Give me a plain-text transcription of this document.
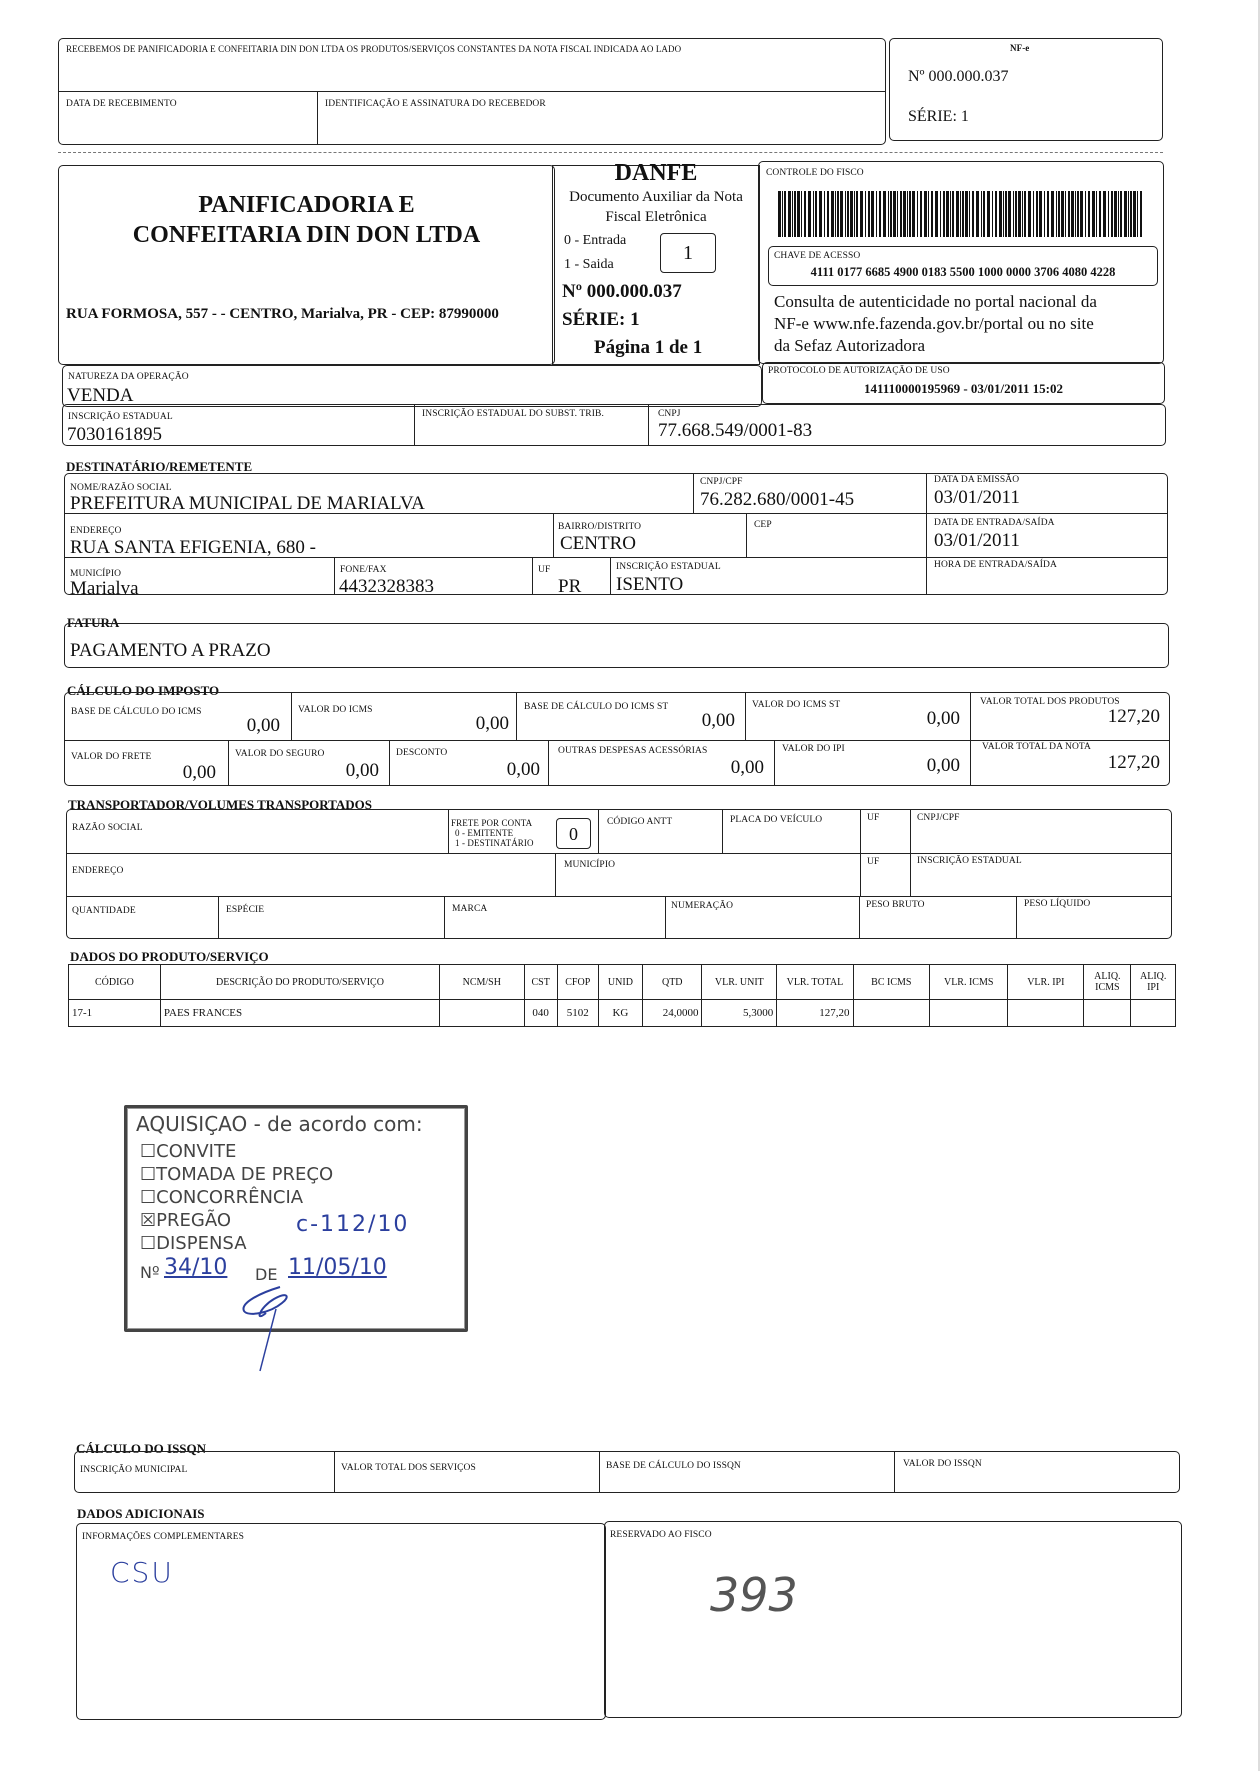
RECEBEMOS DE PANIFICADORIA E CONFEITARIA DIN DON LTDA OS PRODUTOS/SERVIÇOS CONSTANTES DA NOTA FISCAL INDICADA AO LADO
DATA DE RECEBIMENTO	IDENTIFICAÇÃO E ASSINATURA DO RECEBEDOR
NF-e
Nº 000.000.037
SÉRIE: 1
PANIFICADORIA E
CONFEITARIA DIN DON LTDA
RUA FORMOSA, 557 - - CENTRO, Marialva, PR - CEP: 87990000
DANFE
Documento Auxiliar da Nota
Fiscal Eletrônica
0 - Entrada
1 - Saida
1
Nº 000.000.037
SÉRIE: 1
Página 1 de 1
CONTROLE DO FISCO
CHAVE DE ACESSO
4111 0177 6685 4900 0183 5500 1000 0000 3706 4080 4228
Consulta de autenticidade no portal nacional da
NF-e www.nfe.fazenda.gov.br/portal ou no site
da Sefaz Autorizadora
NATUREZA DA OPERAÇÃO
VENDA
PROTOCOLO DE AUTORIZAÇÃO DE USO
141110000195969 - 03/01/2011 15:02
INSCRIÇÃO ESTADUAL
7030161895
INSCRIÇÃO ESTADUAL DO SUBST. TRIB.	CNPJ
77.668.549/0001-83
DESTINATÁRIO/REMETENTE
NOME/RAZÃO SOCIAL
PREFEITURA MUNICIPAL DE MARIALVA
CNPJ/CPF
76.282.680/0001-45
DATA DA EMISSÃO
03/01/2011
ENDEREÇO
RUA SANTA EFIGENIA, 680 -
BAIRRO/DISTRITO
CENTRO
CEP	DATA DE ENTRADA/SAÍDA
03/01/2011
MUNICÍPIO
Marialva
FONE/FAX
4432328383
UF
PR
INSCRIÇÃO ESTADUAL
ISENTO
HORA DE ENTRADA/SAÍDA
FATURA
PAGAMENTO A PRAZO
CÁLCULO DO IMPOSTO
BASE DE CÁLCULO DO ICMS
0,00
VALOR DO ICMS
0,00
BASE DE CÁLCULO DO ICMS ST
0,00
VALOR DO ICMS ST
0,00
VALOR TOTAL DOS PRODUTOS
127,20
VALOR DO FRETE
0,00
VALOR DO SEGURO
0,00
DESCONTO
0,00
OUTRAS DESPESAS ACESSÓRIAS
0,00
VALOR DO IPI
0,00
VALOR TOTAL DA NOTA
127,20
TRANSPORTADOR/VOLUMES TRANSPORTADOS
RAZÃO SOCIAL	FRETE POR CONTA
0 - EMITENTE
1 - DESTINATÁRIO	0
CÓDIGO ANTT	PLACA DO VEÍCULO	UF	CNPJ/CPF
ENDEREÇO
MUNICÍPIO	UF	INSCRIÇÃO ESTADUAL
QUANTIDADE	ESPÉCIE	MARCA	NUMERAÇÃO	PESO BRUTO	PESO LÍQUIDO
DADOS DO PRODUTO/SERVIÇO
CÓDIGO	DESCRIÇÃO DO PRODUTO/SERVIÇO	NCM/SH	CST	CFOP	UNID	QTD	VLR. UNIT	VLR. TOTAL	BC ICMS	VLR. ICMS	VLR. IPI	ALIQ. ICMS	ALIQ. IPI
17-1	PAES FRANCES		040	5102	KG	24,0000	5,3000	127,20					
AQUISIÇAO - de acordo com:
☐CONVITE
☐TOMADA DE PREÇO
☐CONCORRÊNCIA
☒PREGÃO
☐DISPENSA
Nº 34/10 DE 11/05/10
c-112/10
CÁLCULO DO ISSQN
INSCRIÇÃO MUNICIPAL	VALOR TOTAL DOS SERVIÇOS	BASE DE CÁLCULO DO ISSQN	VALOR DO ISSQN
DADOS ADICIONAIS
INFORMAÇÕES COMPLEMENTARES
CSU
RESERVADO AO FISCO
393
